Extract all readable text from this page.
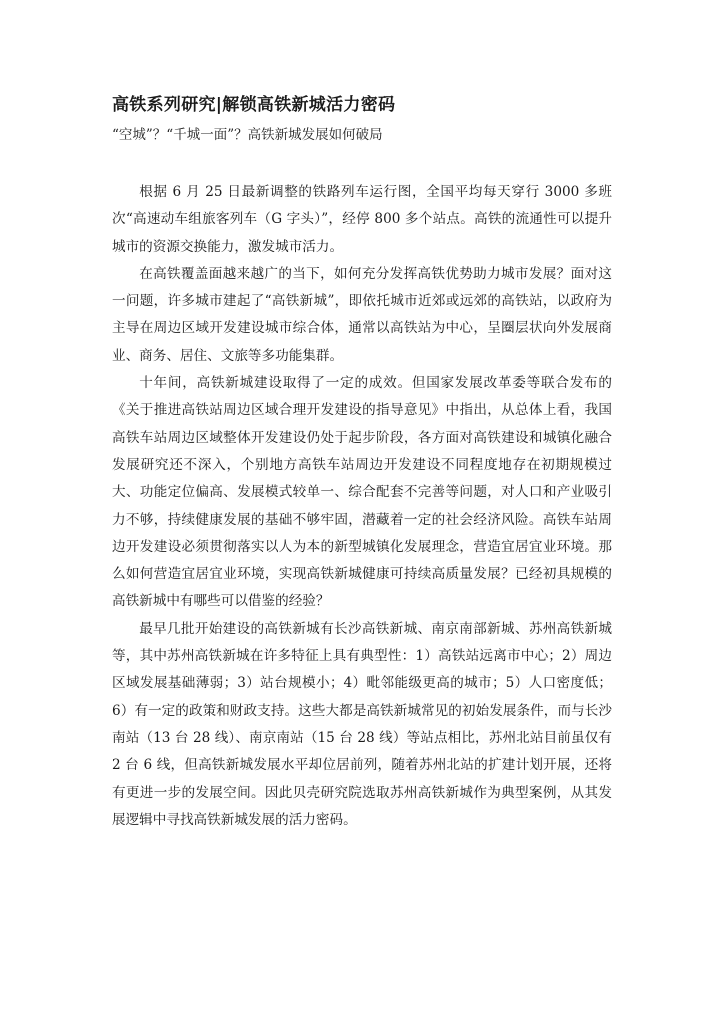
高铁系列研究|解锁高铁新城活力密码

“空城”？“千城一面”？高铁新城发展如何破局

根据 6 月 25 日最新调整的铁路列车运行图，全国平均每天穿行 3000 多班次“高速动车组旅客列车（G 字头）”，经停 800 多个站点。高铁的流通性可以提升城市的资源交换能力，激发城市活力。

在高铁覆盖面越来越广的当下，如何充分发挥高铁优势助力城市发展？面对这一问题，许多城市建起了“高铁新城”，即依托城市近郊或远郊的高铁站，以政府为主导在周边区域开发建设城市综合体，通常以高铁站为中心，呈圈层状向外发展商业、商务、居住、文旅等多功能集群。

十年间，高铁新城建设取得了一定的成效。但国家发展改革委等联合发布的《关于推进高铁站周边区域合理开发建设的指导意见》中指出，从总体上看，我国高铁车站周边区域整体开发建设仍处于起步阶段，各方面对高铁建设和城镇化融合发展研究还不深入，个别地方高铁车站周边开发建设不同程度地存在初期规模过大、功能定位偏高、发展模式较单一、综合配套不完善等问题，对人口和产业吸引力不够，持续健康发展的基础不够牢固，潜藏着一定的社会经济风险。高铁车站周边开发建设必须贯彻落实以人为本的新型城镇化发展理念，营造宜居宜业环境。那么如何营造宜居宜业环境，实现高铁新城健康可持续高质量发展？已经初具规模的高铁新城中有哪些可以借鉴的经验？

最早几批开始建设的高铁新城有长沙高铁新城、南京南部新城、苏州高铁新城等，其中苏州高铁新城在许多特征上具有典型性：1）高铁站远离市中心；2）周边区域发展基础薄弱；3）站台规模小；4）毗邻能级更高的城市；5）人口密度低；6）有一定的政策和财政支持。这些大都是高铁新城常见的初始发展条件，而与长沙南站（13 台 28 线）、南京南站（15 台 28 线）等站点相比，苏州北站目前虽仅有 2 台 6 线，但高铁新城发展水平却位居前列，随着苏州北站的扩建计划开展，还将有更进一步的发展空间。因此贝壳研究院选取苏州高铁新城作为典型案例，从其发展逻辑中寻找高铁新城发展的活力密码。
